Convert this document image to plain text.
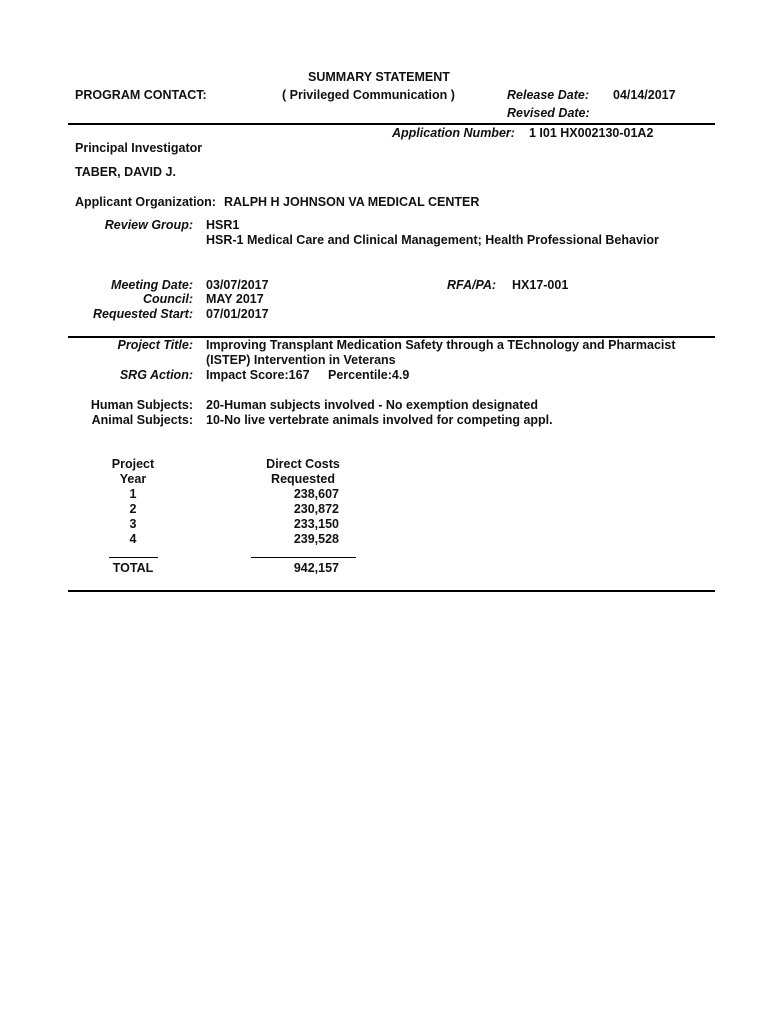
SUMMARY STATEMENT
PROGRAM CONTACT:	( Privileged Communication )	Release Date: 04/14/2017
Revised Date:
Application Number: 1 I01 HX002130-01A2
Principal Investigator
TABER, DAVID J.
Applicant Organization: RALPH H JOHNSON VA MEDICAL CENTER
Review Group: HSR1
HSR-1 Medical Care and Clinical Management; Health Professional Behavior
Meeting Date: 03/07/2017
Council: MAY 2017
Requested Start: 07/01/2017
RFA/PA: HX17-001
Project Title: Improving Transplant Medication Safety through a TEchnology and Pharmacist
(ISTEP) Intervention in Veterans
SRG Action: Impact Score:167 Percentile:4.9
Human Subjects: 20-Human subjects involved - No exemption designated
Animal Subjects: 10-No live vertebrate animals involved for competing appl.
Project
Year
Direct Costs
Requested
1	238,607
2	230,872
3	233,150
4	239,528
TOTAL	942,157
